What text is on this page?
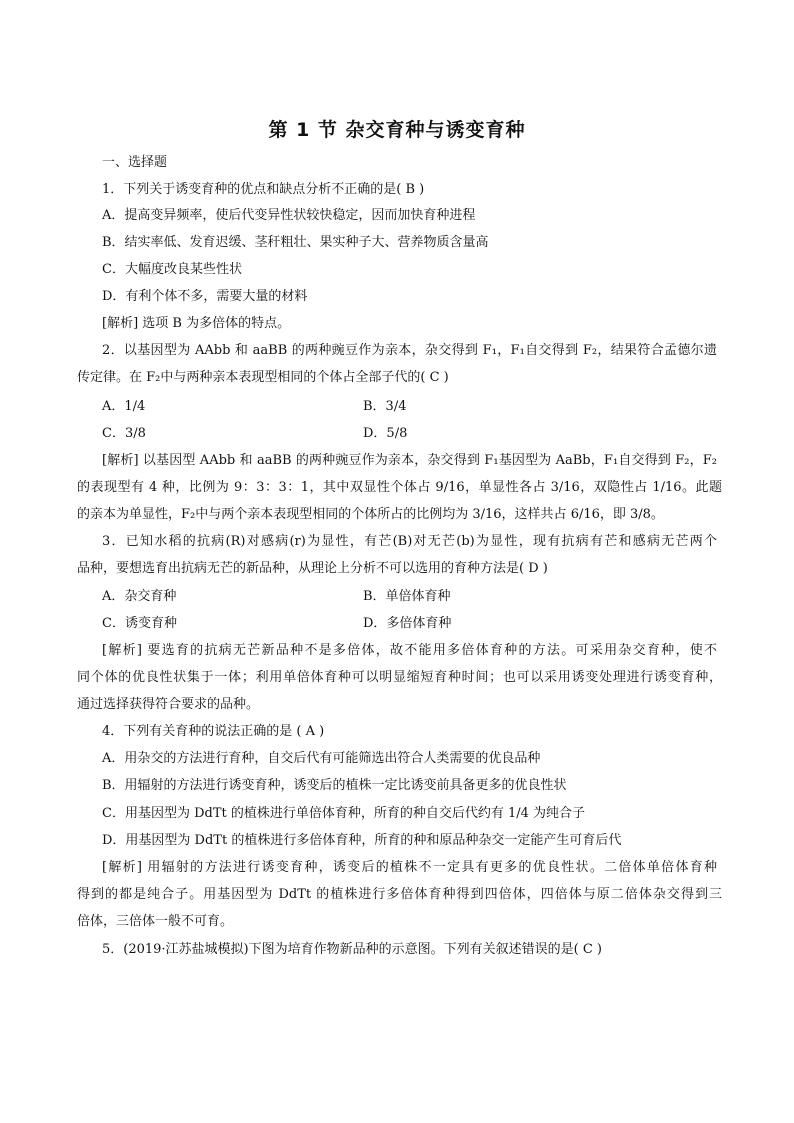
第 1 节 杂交育种与诱变育种
一、选择题
1．下列关于诱变育种的优点和缺点分析不正确的是( B )
A．提高变异频率，使后代变异性状较快稳定，因而加快育种进程
B．结实率低、发育迟缓、茎秆粗壮、果实种子大、营养物质含量高
C．大幅度改良某些性状
D．有利个体不多，需要大量的材料
[解析] 选项 B 为多倍体的特点。
2．以基因型为 AAbb 和 aaBB 的两种豌豆作为亲本，杂交得到 F₁，F₁自交得到 F₂，结果符合孟德尔遗
传定律。在 F₂中与两种亲本表现型相同的个体占全部子代的( C )
A．1/4	B．3/4
C．3/8	D．5/8
[解析] 以基因型 AAbb 和 aaBB 的两种豌豆作为亲本，杂交得到 F₁基因型为 AaBb，F₁自交得到 F₂，F₂
的表现型有 4 种，比例为 9：3：3：1，其中双显性个体占 9/16，单显性各占 3/16，双隐性占 1/16。此题
的亲本为单显性，F₂中与两个亲本表现型相同的个体所占的比例均为 3/16，这样共占 6/16，即 3/8。
3．已知水稻的抗病(R)对感病(r)为显性，有芒(B)对无芒(b)为显性，现有抗病有芒和感病无芒两个
品种，要想选育出抗病无芒的新品种，从理论上分析不可以选用的育种方法是( D )
A．杂交育种	B．单倍体育种
C．诱变育种	D．多倍体育种
[解析] 要选育的抗病无芒新品种不是多倍体，故不能用多倍体育种的方法。可采用杂交育种，使不
同个体的优良性状集于一体；利用单倍体育种可以明显缩短育种时间；也可以采用诱变处理进行诱变育种，
通过选择获得符合要求的品种。
4．下列有关育种的说法正确的是 ( A )
A．用杂交的方法进行育种，自交后代有可能筛选出符合人类需要的优良品种
B．用辐射的方法进行诱变育种，诱变后的植株一定比诱变前具备更多的优良性状
C．用基因型为 DdTt 的植株进行单倍体育种，所育的种自交后代约有 1/4 为纯合子
D．用基因型为 DdTt 的植株进行多倍体育种，所育的种和原品种杂交一定能产生可育后代
[解析] 用辐射的方法进行诱变育种，诱变后的植株不一定具有更多的优良性状。二倍体单倍体育种
得到的都是纯合子。用基因型为 DdTt 的植株进行多倍体育种得到四倍体，四倍体与原二倍体杂交得到三
倍体，三倍体一般不可育。
5．(2019·江苏盐城模拟)下图为培育作物新品种的示意图。下列有关叙述错误的是( C )
